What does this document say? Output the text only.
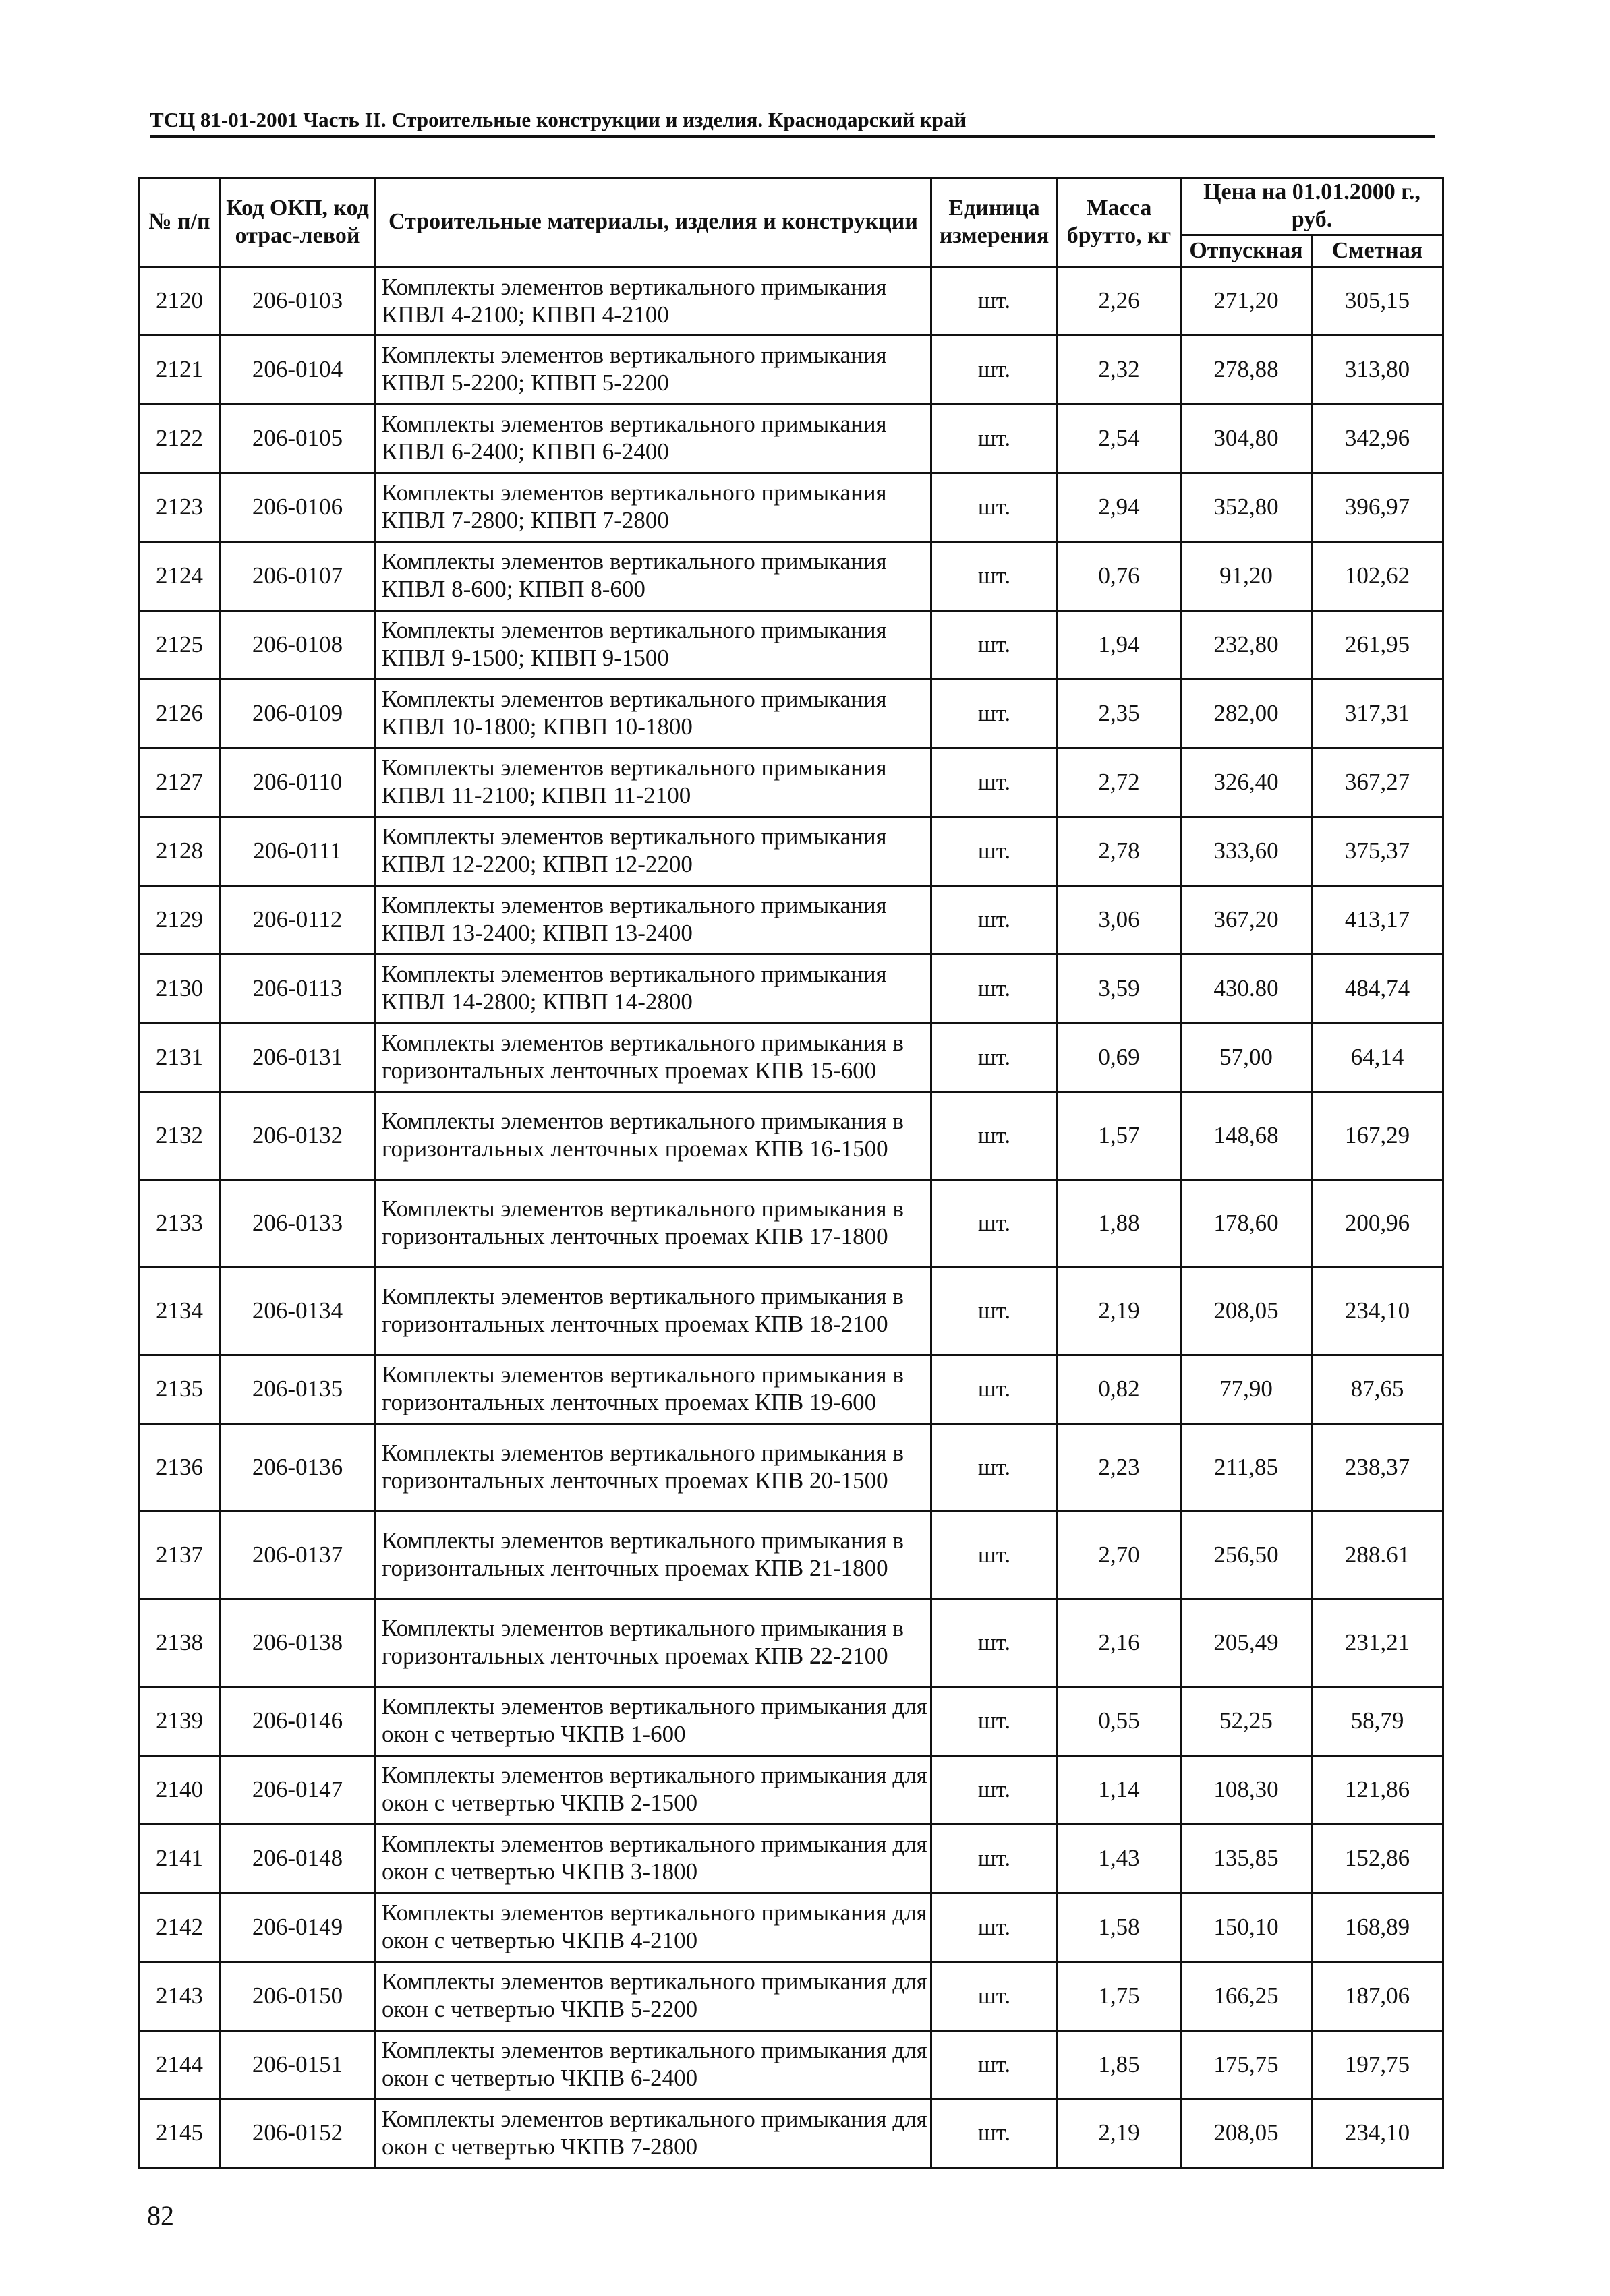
ТСЦ 81-01-2001 Часть II. Строительные конструкции и изделия. Краснодарский край
№ п/п	Код ОКП, код отрас-левой	Строительные материалы, изделия и конструкции	Единица измерения	Масса брутто, кг	Цена на 01.01.2000 г., руб.	
					Отпускная	Сметная
2120	206-0103	Комплекты элементов вертикального примыкания КПВЛ 4-2100; КПВП 4-2100	шт.	2,26	271,20	305,15
2121	206-0104	Комплекты элементов вертикального примыкания КПВЛ 5-2200; КПВП 5-2200	шт.	2,32	278,88	313,80
2122	206-0105	Комплекты элементов вертикального примыкания КПВЛ 6-2400; КПВП 6-2400	шт.	2,54	304,80	342,96
2123	206-0106	Комплекты элементов вертикального примыкания КПВЛ 7-2800; КПВП 7-2800	шт.	2,94	352,80	396,97
2124	206-0107	Комплекты элементов вертикального примыкания КПВЛ 8-600; КПВП 8-600	шт.	0,76	91,20	102,62
2125	206-0108	Комплекты элементов вертикального примыкания КПВЛ 9-1500; КПВП 9-1500	шт.	1,94	232,80	261,95
2126	206-0109	Комплекты элементов вертикального примыкания КПВЛ 10-1800; КПВП 10-1800	шт.	2,35	282,00	317,31
2127	206-0110	Комплекты элементов вертикального примыкания КПВЛ 11-2100; КПВП 11-2100	шт.	2,72	326,40	367,27
2128	206-0111	Комплекты элементов вертикального примыкания КПВЛ 12-2200; КПВП 12-2200	шт.	2,78	333,60	375,37
2129	206-0112	Комплекты элементов вертикального примыкания КПВЛ 13-2400; КПВП 13-2400	шт.	3,06	367,20	413,17
2130	206-0113	Комплекты элементов вертикального примыкания КПВЛ 14-2800; КПВП 14-2800	шт.	3,59	430.80	484,74
2131	206-0131	Комплекты элементов вертикального примыкания в горизонтальных ленточных проемах КПВ 15-600	шт.	0,69	57,00	64,14
2132	206-0132	Комплекты элементов вертикального примыкания в горизонтальных ленточных проемах КПВ 16-1500	шт.	1,57	148,68	167,29
2133	206-0133	Комплекты элементов вертикального примыкания в горизонтальных ленточных проемах КПВ 17-1800	шт.	1,88	178,60	200,96
2134	206-0134	Комплекты элементов вертикального примыкания в горизонтальных ленточных проемах КПВ 18-2100	шт.	2,19	208,05	234,10
2135	206-0135	Комплекты элементов вертикального примыкания в горизонтальных ленточных проемах КПВ 19-600	шт.	0,82	77,90	87,65
2136	206-0136	Комплекты элементов вертикального примыкания в горизонтальных ленточных проемах КПВ 20-1500	шт.	2,23	211,85	238,37
2137	206-0137	Комплекты элементов вертикального примыкания в горизонтальных ленточных проемах КПВ 21-1800	шт.	2,70	256,50	288.61
2138	206-0138	Комплекты элементов вертикального примыкания в горизонтальных ленточных проемах КПВ 22-2100	шт.	2,16	205,49	231,21
2139	206-0146	Комплекты элементов вертикального примыкания для окон с четвертью ЧКПВ 1-600	шт.	0,55	52,25	58,79
2140	206-0147	Комплекты элементов вертикального примыкания для окон с четвертью ЧКПВ 2-1500	шт.	1,14	108,30	121,86
2141	206-0148	Комплекты элементов вертикального примыкания для окон с четвертью ЧКПВ 3-1800	шт.	1,43	135,85	152,86
2142	206-0149	Комплекты элементов вертикального примыкания для окон с четвертью ЧКПВ 4-2100	шт.	1,58	150,10	168,89
2143	206-0150	Комплекты элементов вертикального примыкания для окон с четвертью ЧКПВ 5-2200	шт.	1,75	166,25	187,06
2144	206-0151	Комплекты элементов вертикального примыкания для окон с четвертью ЧКПВ 6-2400	шт.	1,85	175,75	197,75
2145	206-0152	Комплекты элементов вертикального примыкания для окон с четвертью ЧКПВ 7-2800	шт.	2,19	208,05	234,10
82
